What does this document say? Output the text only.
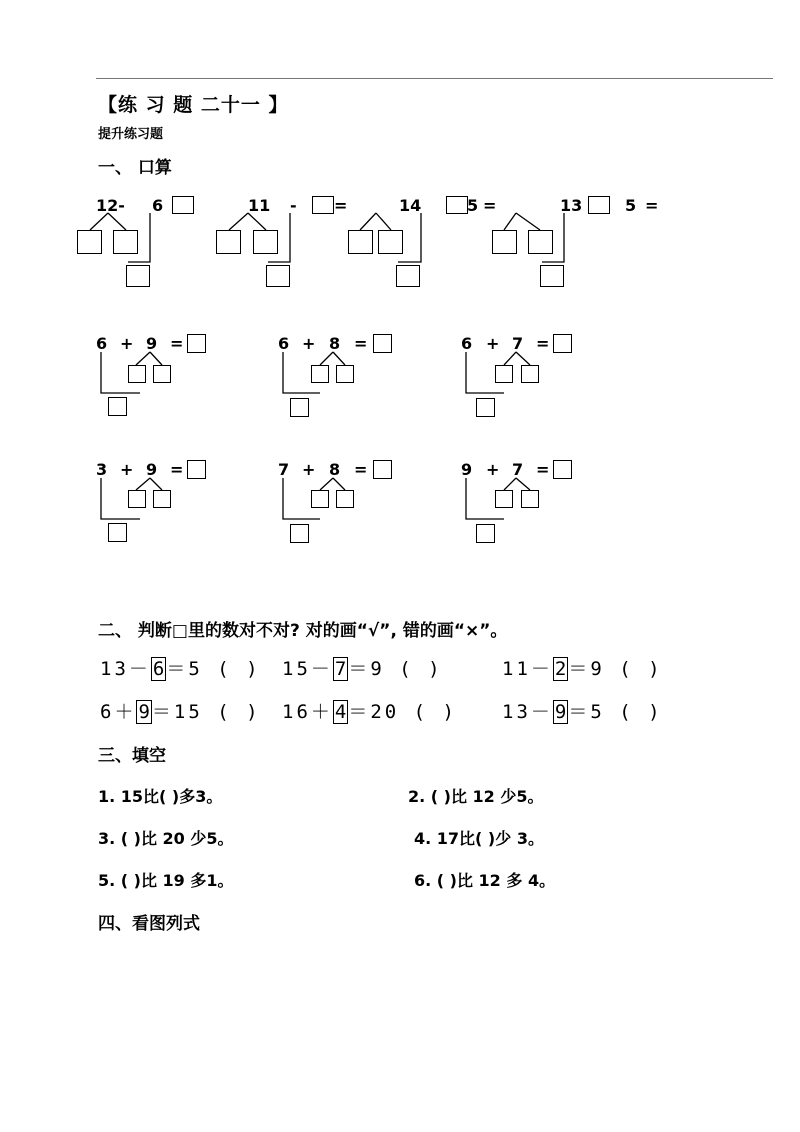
【练 习 题 二十一 】
提升练习题
一、 口算
12- 6	11 - =	14	5 =	13	5 =
6 + 9 =	6 + 8 =	6 + 7 =
3 + 9 =	7 + 8 =	9 + 7 =
二、 判断□里的数对不对? 对的画“√”, 错的画“×”。
13－ 6 ＝5 ( ) 15－ 7 ＝9 ( )	11－ 2 ＝9 ( )
6＋ 9 ＝15 ( ) 16＋ 4 ＝20 ( ) 13－ 9 ＝5 ( )
三、填空
1. 15比( )多3。	2. ( )比 12 少5。
3. ( )比 20 少5。	4. 17比( )少 3。
5. ( )比 19 多1。	6. ( )比 12 多 4。
四、看图列式
